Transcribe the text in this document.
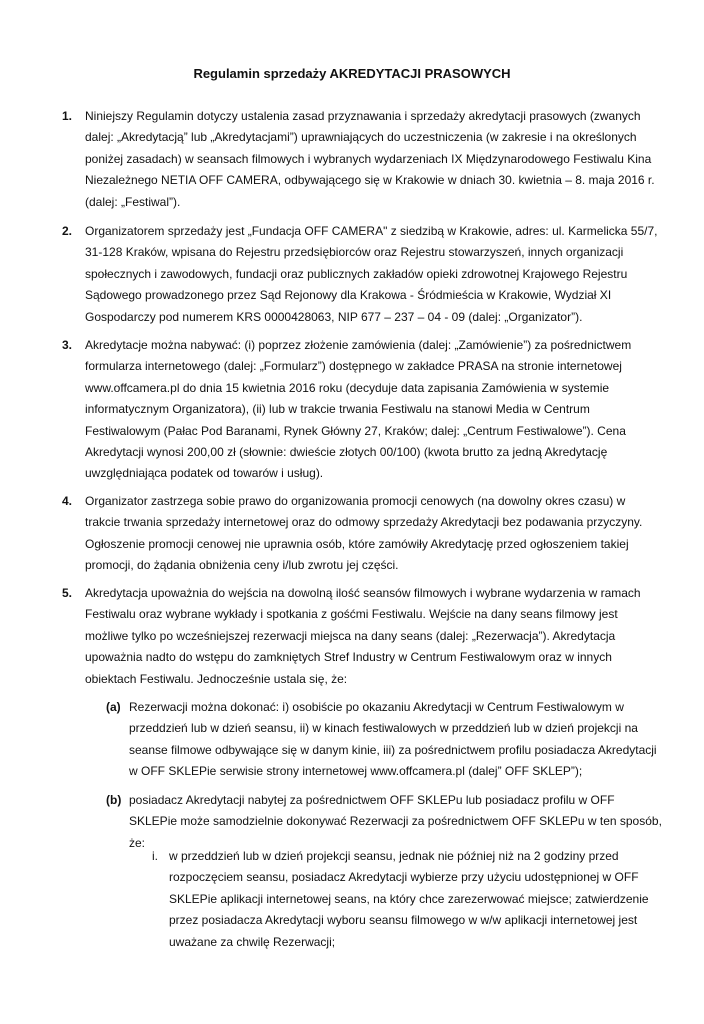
Regulamin sprzedaży AKREDYTACJI PRASOWYCH
1.	Niniejszy Regulamin dotyczy ustalenia zasad przyznawania i sprzedaży akredytacji prasowych (zwanych dalej: „Akredytacją” lub „Akredytacjami”) uprawniających do uczestniczenia (w zakresie i na określonych poniżej zasadach) w seansach filmowych i wybranych wydarzeniach IX Międzynarodowego Festiwalu Kina Niezależnego NETIA OFF CAMERA, odbywającego się w Krakowie w dniach 30. kwietnia – 8. maja 2016 r. (dalej: „Festiwal”).
2.	Organizatorem sprzedaży jest „Fundacja OFF CAMERA" z siedzibą w Krakowie, adres: ul. Karmelicka 55/7, 31-128 Kraków, wpisana do Rejestru przedsiębiorców oraz Rejestru stowarzyszeń, innych organizacji społecznych i zawodowych, fundacji oraz publicznych zakładów opieki zdrowotnej Krajowego Rejestru Sądowego prowadzonego przez Sąd Rejonowy dla Krakowa - Śródmieścia w Krakowie, Wydział XI Gospodarczy pod numerem KRS 0000428063, NIP 677 – 237 – 04 - 09 (dalej: „Organizator”).
3.	Akredytacje można nabywać: (i) poprzez złożenie zamówienia (dalej: „Zamówienie”) za pośrednictwem formularza internetowego (dalej: „Formularz”) dostępnego w zakładce PRASA na stronie internetowej www.offcamera.pl do dnia 15 kwietnia 2016 roku (decyduje data zapisania Zamówienia w systemie informatycznym Organizatora), (ii) lub w trakcie trwania Festiwalu na stanowi Media w Centrum Festiwalowym (Pałac Pod Baranami, Rynek Główny 27, Kraków; dalej: „Centrum Festiwalowe”). Cena Akredytacji wynosi 200,00 zł (słownie: dwieście złotych 00/100) (kwota brutto za jedną Akredytację uwzględniająca podatek od towarów i usług).
4.	Organizator zastrzega sobie prawo do organizowania promocji cenowych (na dowolny okres czasu) w trakcie trwania sprzedaży internetowej oraz do odmowy sprzedaży Akredytacji bez podawania przyczyny. Ogłoszenie promocji cenowej nie uprawnia osób, które zamówiły Akredytację przed ogłoszeniem takiej promocji, do żądania obniżenia ceny i/lub zwrotu jej części.
5.	Akredytacja upoważnia do wejścia na dowolną ilość seansów filmowych i wybrane wydarzenia w ramach Festiwalu oraz wybrane wykłady i spotkania z gośćmi Festiwalu. Wejście na dany seans filmowy jest możliwe tylko po wcześniejszej rezerwacji miejsca na dany seans (dalej: „Rezerwacja”). Akredytacja upoważnia nadto do wstępu do zamkniętych Stref Industry w Centrum Festiwalowym oraz w innych obiektach Festiwalu. Jednocześnie ustala się, że:
(a) Rezerwacji można dokonać: i) osobiście po okazaniu Akredytacji w Centrum Festiwalowym w przeddzień lub w dzień seansu, ii) w kinach festiwalowych w przeddzień lub w dzień projekcji na seanse filmowe odbywające się w danym kinie, iii) za pośrednictwem profilu posiadacza Akredytacji w OFF SKLEPie serwisie strony internetowej www.offcamera.pl (dalej” OFF SKLEP”);
(b) posiadacz Akredytacji nabytej za pośrednictwem OFF SKLEPu lub posiadacz profilu w OFF SKLEPie może samodzielnie dokonywać Rezerwacji za pośrednictwem OFF SKLEPu w ten sposób, że:
i. w przeddzień lub w dzień projekcji seansu, jednak nie później niż na 2 godziny przed rozpoczęciem seansu, posiadacz Akredytacji wybierze przy użyciu udostępnionej w OFF SKLEPie aplikacji internetowej seans, na który chce zarezerwować miejsce; zatwierdzenie przez posiadacza Akredytacji wyboru seansu filmowego w w/w aplikacji internetowej jest uważane za chwilę Rezerwacji;
